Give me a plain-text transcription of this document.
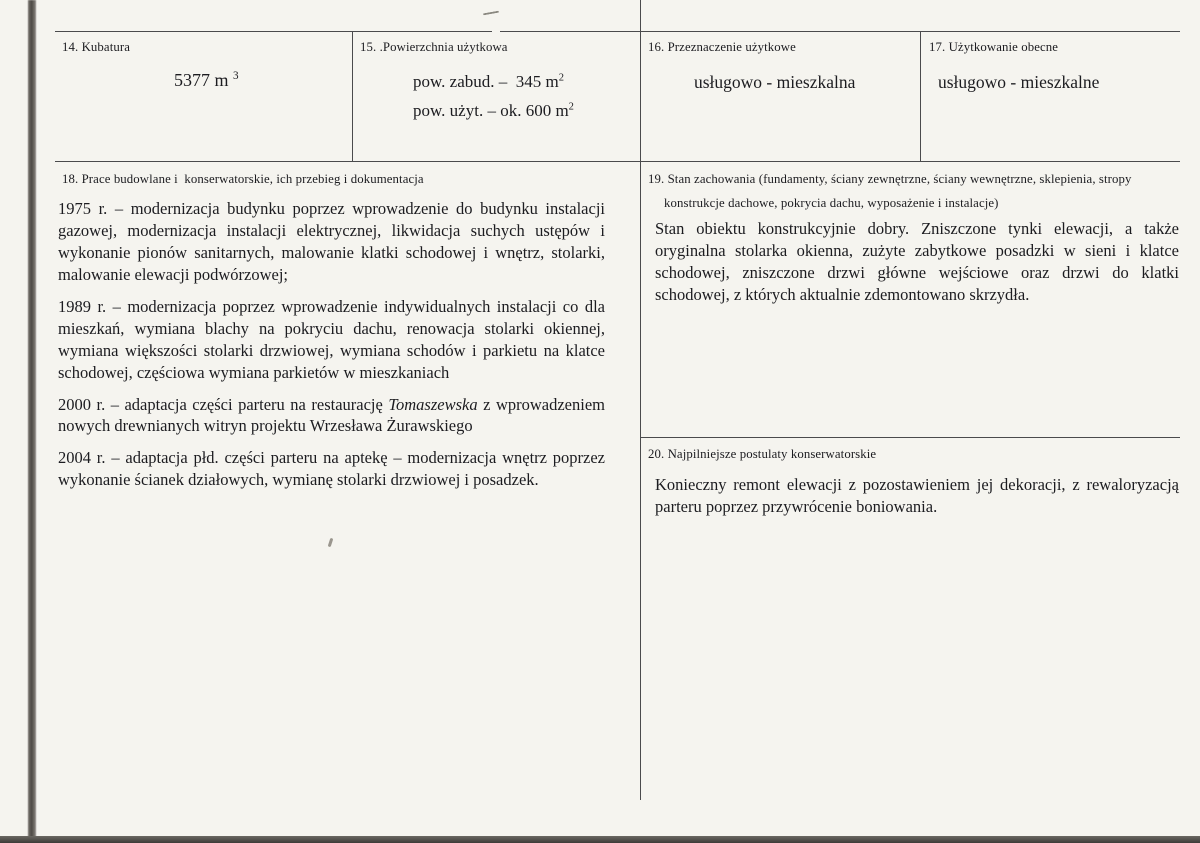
14. Kubatura
5377 m $^3$
15. .Powierzchnia użytkowa
pow. zabud. –  345 $m^2$
pow. użyt. – ok. 600 $m^2$
16. Przeznaczenie użytkowe
usługowo - mieszkalna
17. Użytkowanie obecne
usługowo - mieszkalne
18. Prace budowlane i  konserwatorskie, ich przebieg i dokumentacja

1975 r. – modernizacja budynku poprzez wprowadzenie do budynku instalacji gazowej, modernizacja instalacji elektrycznej, likwidacja suchych ustępów i wykonanie pionów sanitarnych, malowanie klatki schodowej i wnętrz, stolarki, malowanie elewacji podwórzowej;

1989 r. – modernizacja poprzez wprowadzenie indywidualnych instalacji co dla mieszkań, wymiana blachy na pokryciu dachu, renowacja stolarki okiennej, wymiana większości stolarki drzwiowej, wymiana schodów i parkietu na klatce schodowej, częściowa wymiana parkietów w mieszkaniach

2000 r. – adaptacja części parteru na restaurację Tomaszewska z wprowadzeniem nowych drewnianych witryn projektu Wrzesława Żurawskiego

2004 r. – adaptacja płd. części parteru na aptekę – modernizacja wnętrz poprzez wykonanie ścianek działowych, wymianę stolarki drzwiowej i posadzek.

19. Stan zachowania (fundamenty, ściany zewnętrzne, ściany wewnętrzne, sklepienia, stropy
konstrukcje dachowe, pokrycia dachu, wyposażenie i instalacje)

Stan obiektu konstrukcyjnie dobry. Zniszczone tynki elewacji, a także oryginalna stolarka okienna, zużyte zabytkowe posadzki w sieni i klatce schodowej, zniszczone drzwi główne wejściowe oraz drzwi do klatki schodowej, z których aktualnie zdemontowano skrzydła.

20. Najpilniejsze postulaty konserwatorskie

Konieczny remont elewacji z pozostawieniem jej dekoracji, z rewaloryzacją parteru poprzez przywrócenie boniowania.
